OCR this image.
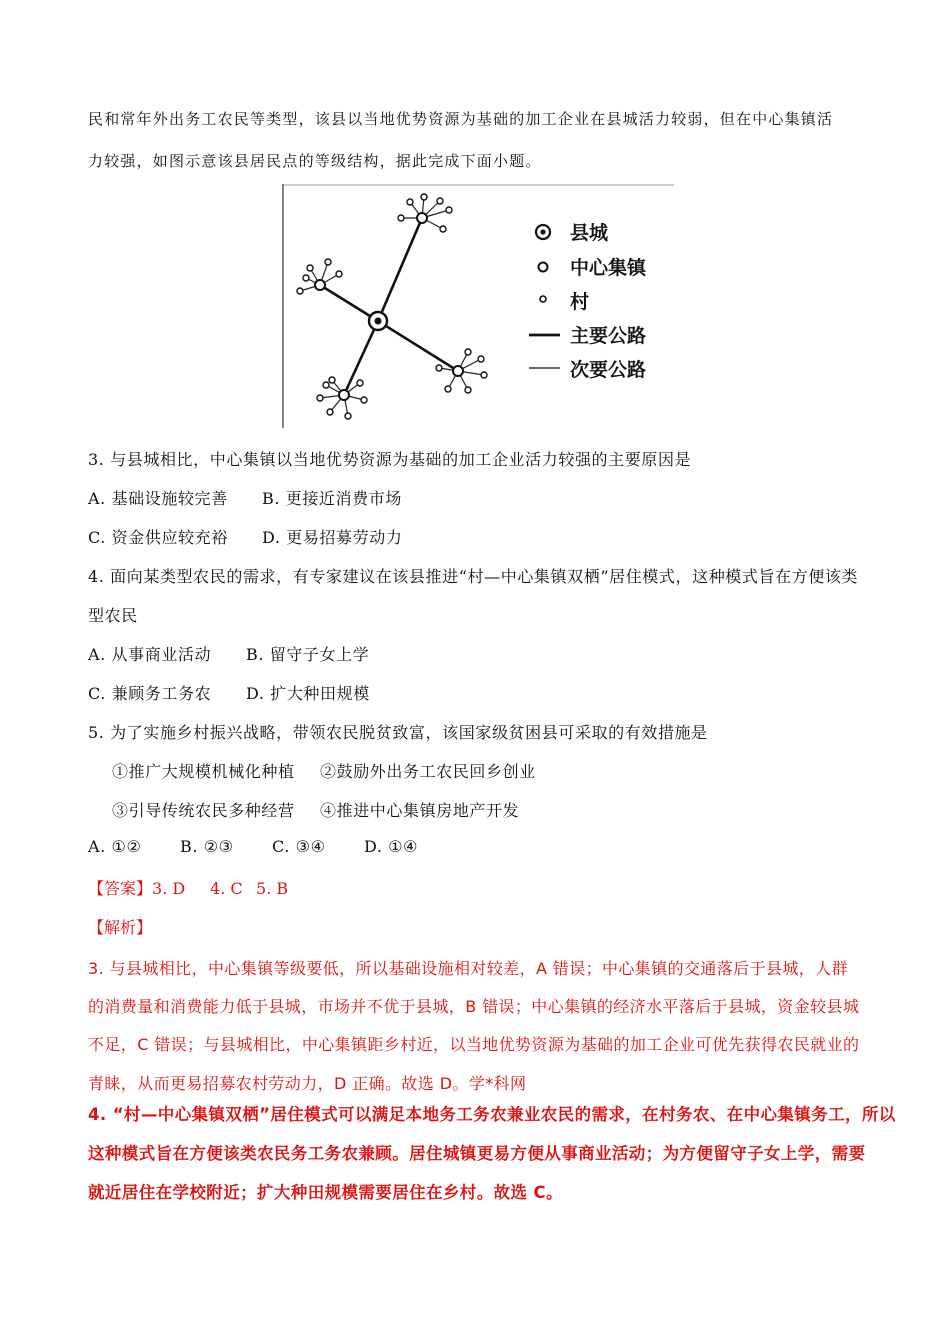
民和常年外出务工农民等类型，该县以当地优势资源为基础的加工企业在县城活力较弱，但在中心集镇活
力较强，如图示意该县居民点的等级结构，据此完成下面小题。
县城
中心集镇
村
主要公路
次要公路
3. 与县城相比，中心集镇以当地优势资源为基础的加工企业活力较强的主要原因是
A. 基础设施较完善 B. 更接近消费市场
C. 资金供应较充裕 D. 更易招募劳动力
4. 面向某类型农民的需求，有专家建议在该县推进“村—中心集镇双栖”居住模式，这种模式旨在方便该类
型农民
A. 从事商业活动 B. 留守子女上学
C. 兼顾务工务农 D. 扩大种田规模
5. 为了实施乡村振兴战略，带领农民脱贫致富，该国家级贫困县可采取的有效措施是
①推广大规模机械化种植 ②鼓励外出务工农民回乡创业
③引导传统农民多种经营 ④推进中心集镇房地产开发
A. ①② B. ②③ C. ③④ D. ①④
【答案】3. D 4. C 5. B
【解析】
3. 与县城相比，中心集镇等级要低，所以基础设施相对较差，A 错误；中心集镇的交通落后于县城，人群
的消费量和消费能力低于县城，市场并不优于县城，B 错误；中心集镇的经济水平落后于县城，资金较县城
不足，C 错误；与县城相比，中心集镇距乡村近，以当地优势资源为基础的加工企业可优先获得农民就业的
青睐，从而更易招募农村劳动力，D 正确。故选 D。学*科网
4. “村—中心集镇双栖”居住模式可以满足本地务工务农兼业农民的需求，在村务农、在中心集镇务工，所以
这种模式旨在方便该类农民务工务农兼顾。居住城镇更易方便从事商业活动；为方便留守子女上学，需要
就近居住在学校附近；扩大种田规模需要居住在乡村。故选 C。
